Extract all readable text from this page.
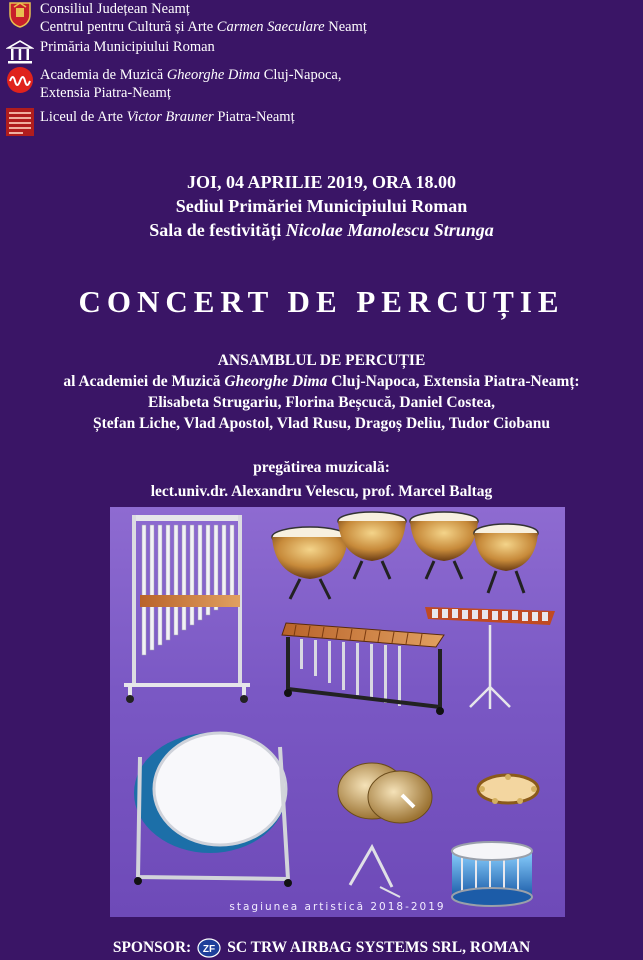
Consiliul Județean Neamț
Centrul pentru Cultură și Arte Carmen Saeculare Neamț
Primăria Municipiului Roman
Academia de Muzică Gheorghe Dima Cluj-Napoca,
Extensia Piatra-Neamț
Liceul de Arte Victor Brauner Piatra-Neamț
JOI, 04 APRILIE 2019, ORA 18.00
Sediul Primăriei Municipiului Roman
Sala de festivități Nicolae Manolescu Strunga
CONCERT DE PERCUȚIE
ANSAMBLUL DE PERCUȚIE
al Academiei de Muzică Gheorghe Dima Cluj-Napoca, Extensia Piatra-Neamț:
Elisabeta Strugariu, Florina Beșcucă, Daniel Costea,
Ștefan Liche, Vlad Apostol, Vlad Rusu, Dragoș Deliu, Tudor Ciobanu
pregătirea muzicală:
lect.univ.dr. Alexandru Velescu, prof. Marcel Baltag
stagiunea artistică 2018-2019
SPONSOR: ZF SC TRW AIRBAG SYSTEMS SRL, ROMAN
